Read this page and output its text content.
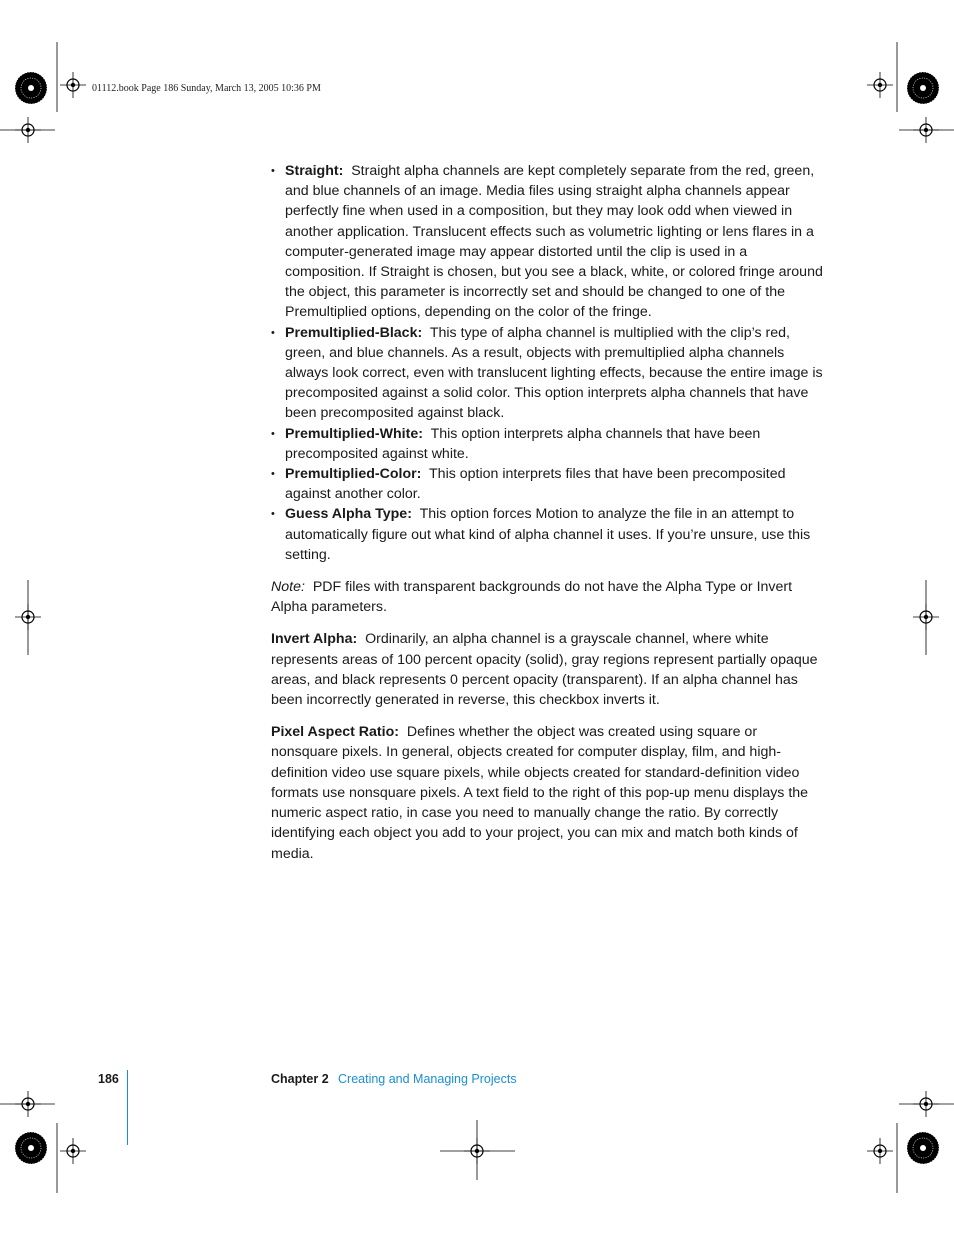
01112.book Page 186 Sunday, March 13, 2005 10:36 PM
• Straight: Straight alpha channels are kept completely separate from the red, green, and blue channels of an image. Media files using straight alpha channels appear perfectly fine when used in a composition, but they may look odd when viewed in another application. Translucent effects such as volumetric lighting or lens flares in a computer-generated image may appear distorted until the clip is used in a composition. If Straight is chosen, but you see a black, white, or colored fringe around the object, this parameter is incorrectly set and should be changed to one of the Premultiplied options, depending on the color of the fringe.
• Premultiplied-Black: This type of alpha channel is multiplied with the clip’s red, green, and blue channels. As a result, objects with premultiplied alpha channels always look correct, even with translucent lighting effects, because the entire image is precomposited against a solid color. This option interprets alpha channels that have been precomposited against black.
• Premultiplied-White: This option interprets alpha channels that have been precomposited against white.
• Premultiplied-Color: This option interprets files that have been precomposited against another color.
• Guess Alpha Type: This option forces Motion to analyze the file in an attempt to automatically figure out what kind of alpha channel it uses. If you’re unsure, use this setting.

Note: PDF files with transparent backgrounds do not have the Alpha Type or Invert Alpha parameters.

Invert Alpha: Ordinarily, an alpha channel is a grayscale channel, where white represents areas of 100 percent opacity (solid), gray regions represent partially opaque areas, and black represents 0 percent opacity (transparent). If an alpha channel has been incorrectly generated in reverse, this checkbox inverts it.

Pixel Aspect Ratio: Defines whether the object was created using square or nonsquare pixels. In general, objects created for computer display, film, and high-definition video use square pixels, while objects created for standard-definition video formats use nonsquare pixels. A text field to the right of this pop-up menu displays the numeric aspect ratio, in case you need to manually change the ratio. By correctly identifying each object you add to your project, you can mix and match both kinds of media.

186	Chapter 2 Creating and Managing Projects
